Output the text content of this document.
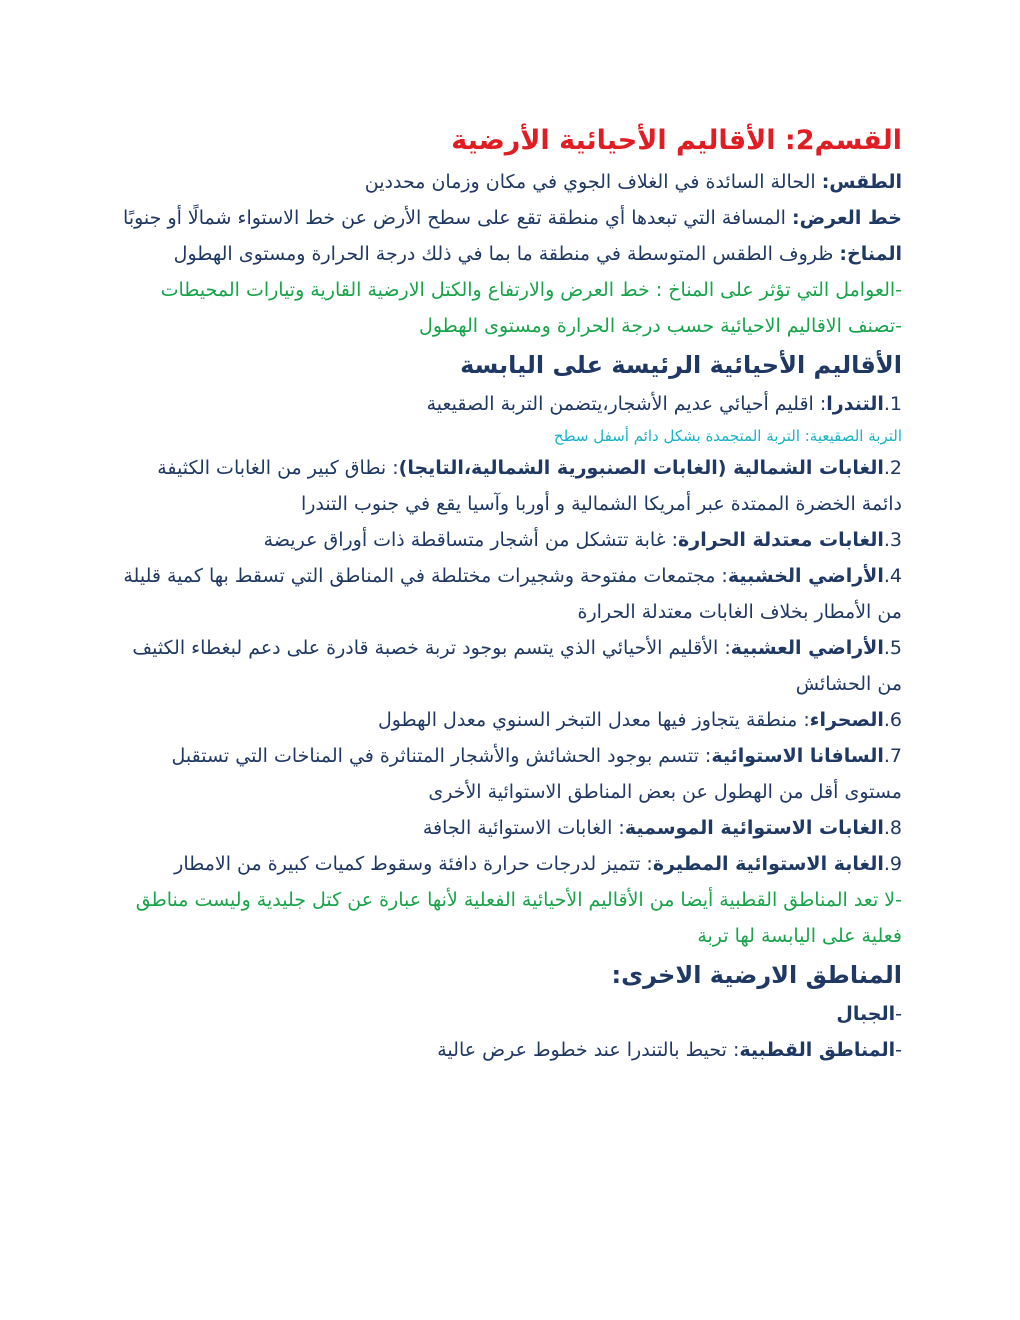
القسم2: الأقاليم الأحيائية الأرضية

الطقس: الحالة السائدة في الغلاف الجوي في مكان وزمان محددين

خط العرض: المسافة التي تبعدها أي منطقة تقع على سطح الأرض عن خط الاستواء شمالًا أو جنوبًا

المناخ: ظروف الطقس المتوسطة في منطقة ما بما في ذلك درجة الحرارة ومستوى الهطول

-العوامل التي تؤثر على المناخ : خط العرض والارتفاع والكتل الارضية القارية وتيارات المحيطات

-تصنف الاقاليم الاحيائية حسب درجة الحرارة ومستوى الهطول

الأقاليم الأحيائية الرئيسة على اليابسة

1.التندرا: اقليم أحيائي عديم الأشجار،يتضمن التربة الصقيعية

التربة الصقيعية: التربة المتجمدة بشكل دائم أسفل سطح

2.الغابات الشمالية (الغابات الصنبورية الشمالية،التايجا): نطاق كبير من الغابات الكثيفة دائمة الخضرة الممتدة عبر أمريكا الشمالية و أوربا وآسيا يقع في جنوب التندرا

3.الغابات معتدلة الحرارة: غابة تتشكل من أشجار متساقطة ذات أوراق عريضة

4.الأراضي الخشبية: مجتمعات مفتوحة وشجيرات مختلطة في المناطق التي تسقط بها كمية قليلة من الأمطار بخلاف الغابات معتدلة الحرارة

5.الأراضي العشبية: الأقليم الأحيائي الذي يتسم بوجود تربة خصبة قادرة على دعم لبغطاء الكثيف من الحشائش

6.الصحراء: منطقة يتجاوز فيها معدل التبخر السنوي معدل الهطول

7.السافانا الاستوائية: تتسم بوجود الحشائش والأشجار المتناثرة في المناخات التي تستقبل مستوى أقل من الهطول عن بعض المناطق الاستوائية الأخرى

8.الغابات الاستوائية الموسمية: الغابات الاستوائية الجافة

9.الغابة الاستوائية المطيرة: تتميز لدرجات حرارة دافئة وسقوط كميات كبيرة من الامطار

-لا تعد المناطق القطبية أيضا من الأقاليم الأحيائية الفعلية لأنها عبارة عن كتل جليدية وليست مناطق فعلية على اليابسة لها تربة

المناطق الارضية الاخرى:

-الجبال

-المناطق القطبية: تحيط بالتندرا عند خطوط عرض عالية
